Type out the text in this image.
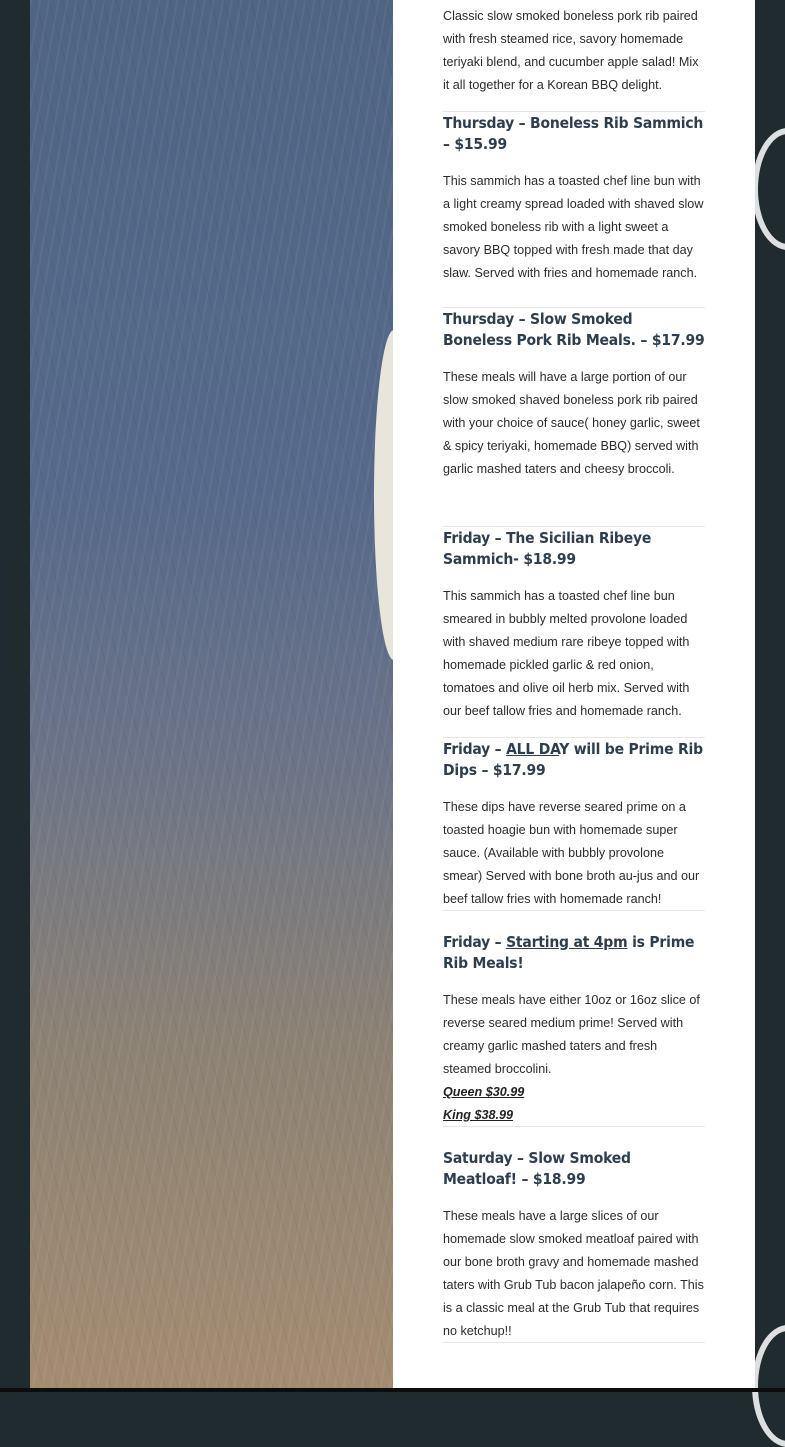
Classic slow smoked boneless pork rib paired with fresh steamed rice, savory homemade teriyaki blend, and cucumber apple salad! Mix it all together for a Korean BBQ delight.

Thursday – Boneless Rib Sammich – $15.99

This sammich has a toasted chef line bun with a light creamy spread loaded with shaved slow smoked boneless rib with a light sweet a savory BBQ topped with fresh made that day slaw. Served with fries and homemade ranch.

Thursday – Slow Smoked Boneless Pork Rib Meals. – $17.99

These meals will have a large portion of our slow smoked shaved boneless pork rib paired with your choice of sauce( honey garlic, sweet & spicy teriyaki, homemade BBQ) served with garlic mashed taters and cheesy broccoli.

Friday – The Sicilian Ribeye Sammich- $18.99

This sammich has a toasted chef line bun smeared in bubbly melted provolone loaded with shaved medium rare ribeye topped with homemade pickled garlic & red onion, tomatoes and olive oil herb mix. Served with our beef tallow fries and homemade ranch.

Friday – ALL DAY will be Prime Rib Dips – $17.99

These dips have reverse seared prime on a toasted hoagie bun with homemade super sauce. (Available with bubbly provolone smear) Served with bone broth au-jus and our beef tallow fries with homemade ranch!

Friday – Starting at 4pm is Prime Rib Meals!

These meals have either 10oz or 16oz slice of reverse seared medium prime! Served with creamy garlic mashed taters and fresh steamed broccolini.

Queen $30.99

King $38.99

Saturday – Slow Smoked Meatloaf! – $18.99

These meals have a large slices of our homemade slow smoked meatloaf paired with our bone broth gravy and homemade mashed taters with Grub Tub bacon jalapeño corn. This is a classic meal at the Grub Tub that requires no ketchup!!
